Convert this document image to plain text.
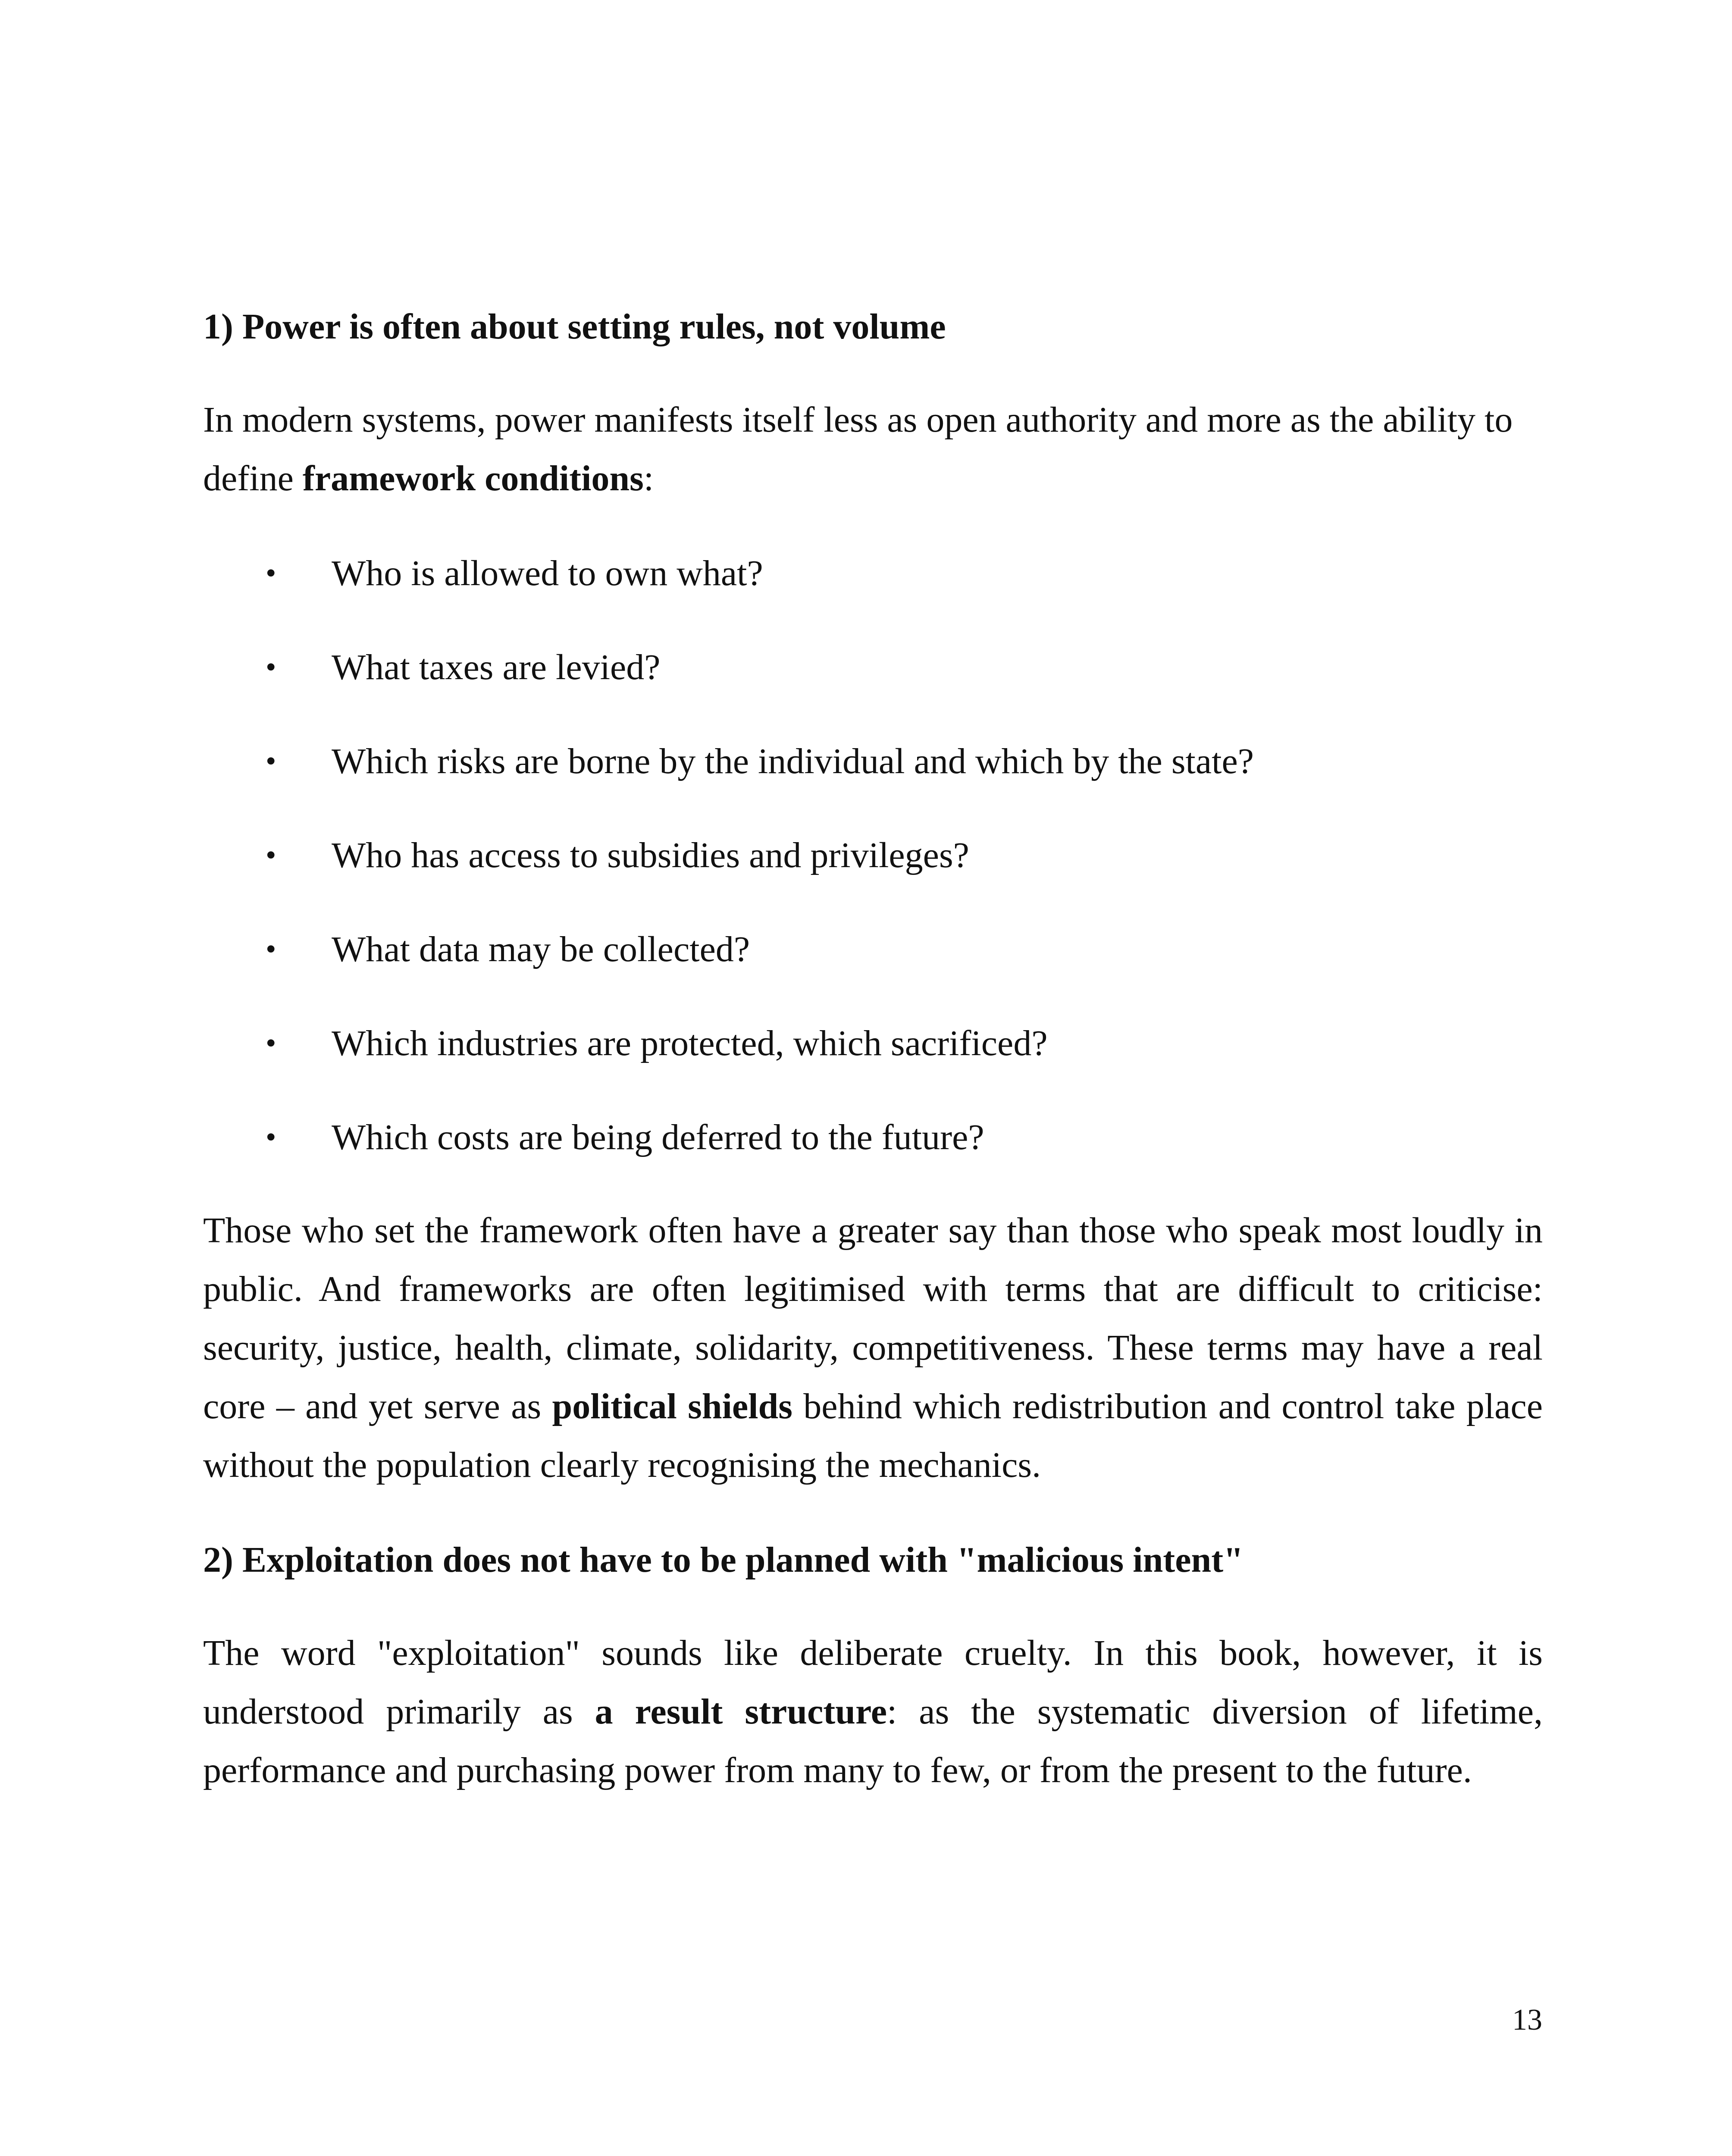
1) Power is often about setting rules, not volume

In modern systems, power manifests itself less as open authority and more as the ability to define framework conditions:

• Who is allowed to own what?
• What taxes are levied?
• Which risks are borne by the individual and which by the state?
• Who has access to subsidies and privileges?
• What data may be collected?
• Which industries are protected, which sacrificed?
• Which costs are being deferred to the future?

Those who set the framework often have a greater say than those who speak most loudly in public. And frameworks are often legitimised with terms that are difficult to criticise: security, justice, health, climate, solidarity, competitiveness. These terms may have a real core – and yet serve as political shields behind which redistribution and control take place without the population clearly recognising the mechanics.

2) Exploitation does not have to be planned with "malicious intent"

The word "exploitation" sounds like deliberate cruelty. In this book, however, it is understood primarily as a result structure: as the systematic diversion of lifetime, performance and purchasing power from many to few, or from the present to the future.

13
